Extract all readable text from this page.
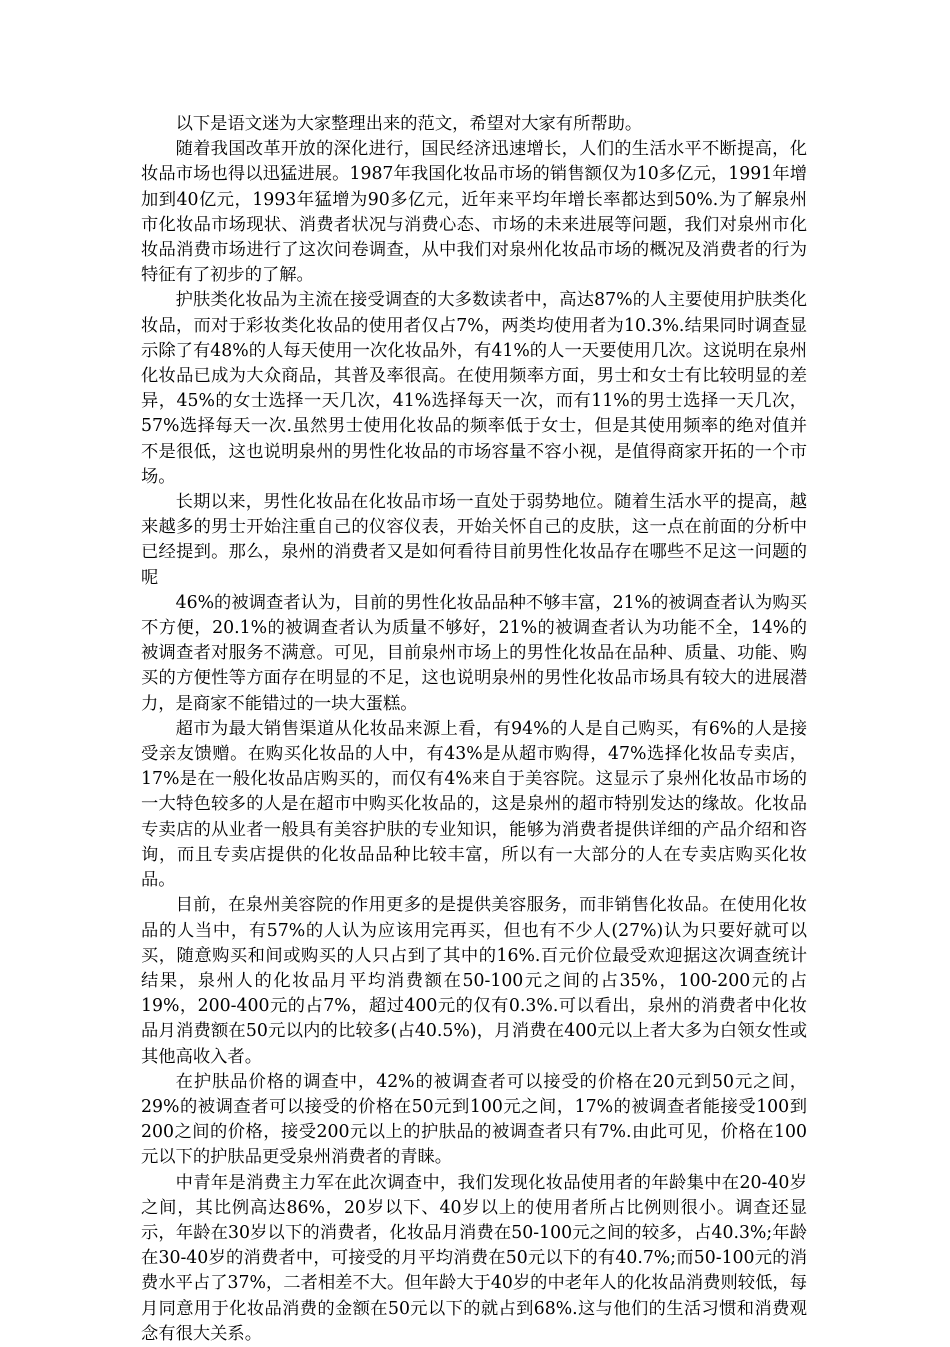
以下是语文迷为大家整理出来的范文，希望对大家有所帮助。

随着我国改革开放的深化进行，国民经济迅速增长，人们的生活水平不断提高，化妆品市场也得以迅猛进展。1987年我国化妆品市场的销售额仅为10多亿元，1991年增加到40亿元，1993年猛增为90多亿元，近年来平均年增长率都达到50%.为了解泉州市化妆品市场现状、消费者状况与消费心态、市场的未来进展等问题，我们对泉州市化妆品消费市场进行了这次问卷调查，从中我们对泉州化妆品市场的概况及消费者的行为特征有了初步的了解。

护肤类化妆品为主流在接受调查的大多数读者中，高达87%的人主要使用护肤类化妆品，而对于彩妆类化妆品的使用者仅占7%，两类均使用者为10.3%.结果同时调查显示除了有48%的人每天使用一次化妆品外，有41%的人一天要使用几次。这说明在泉州化妆品已成为大众商品，其普及率很高。在使用频率方面，男士和女士有比较明显的差异，45%的女士选择一天几次，41%选择每天一次，而有11%的男士选择一天几次，57%选择每天一次.虽然男士使用化妆品的频率低于女士，但是其使用频率的绝对值并不是很低，这也说明泉州的男性化妆品的市场容量不容小视，是值得商家开拓的一个市场。

长期以来，男性化妆品在化妆品市场一直处于弱势地位。随着生活水平的提高，越来越多的男士开始注重自己的仪容仪表，开始关怀自己的皮肤，这一点在前面的分析中已经提到。那么，泉州的消费者又是如何看待目前男性化妆品存在哪些不足这一问题的呢

46%的被调查者认为，目前的男性化妆品品种不够丰富，21%的被调查者认为购买不方便，20.1%的被调查者认为质量不够好，21%的被调查者认为功能不全，14%的被调查者对服务不满意。可见，目前泉州市场上的男性化妆品在品种、质量、功能、购买的方便性等方面存在明显的不足，这也说明泉州的男性化妆品市场具有较大的进展潜力，是商家不能错过的一块大蛋糕。

超市为最大销售渠道从化妆品来源上看，有94%的人是自己购买，有6%的人是接受亲友馈赠。在购买化妆品的人中，有43%是从超市购得，47%选择化妆品专卖店，17%是在一般化妆品店购买的，而仅有4%来自于美容院。这显示了泉州化妆品市场的一大特色较多的人是在超市中购买化妆品的，这是泉州的超市特别发达的缘故。化妆品专卖店的从业者一般具有美容护肤的专业知识，能够为消费者提供详细的产品介绍和咨询，而且专卖店提供的化妆品品种比较丰富，所以有一大部分的人在专卖店购买化妆品。

目前，在泉州美容院的作用更多的是提供美容服务，而非销售化妆品。在使用化妆品的人当中，有57%的人认为应该用完再买，但也有不少人(27%)认为只要好就可以买，随意购买和间或购买的人只占到了其中的16%.百元价位最受欢迎据这次调查统计结果，泉州人的化妆品月平均消费额在50-100元之间的占35%，100-200元的占19%，200-400元的占7%，超过400元的仅有0.3%.可以看出，泉州的消费者中化妆品月消费额在50元以内的比较多(占40.5%)，月消费在400元以上者大多为白领女性或其他高收入者。

在护肤品价格的调查中，42%的被调查者可以接受的价格在20元到50元之间，29%的被调查者可以接受的价格在50元到100元之间，17%的被调查者能接受100到200之间的价格，接受200元以上的护肤品的被调查者只有7%.由此可见，价格在100元以下的护肤品更受泉州消费者的青睐。

中青年是消费主力军在此次调查中，我们发现化妆品使用者的年龄集中在20-40岁之间，其比例高达86%，20岁以下、40岁以上的使用者所占比例则很小。调查还显示，年龄在30岁以下的消费者，化妆品月消费在50-100元之间的较多，占40.3%;年龄在30-40岁的消费者中，可接受的月平均消费在50元以下的有40.7%;而50-100元的消费水平占了37%，二者相差不大。但年龄大于40岁的中老年人的化妆品消费则较低，每月同意用于化妆品消费的金额在50元以下的就占到68%.这与他们的生活习惯和消费观念有很大关系。
